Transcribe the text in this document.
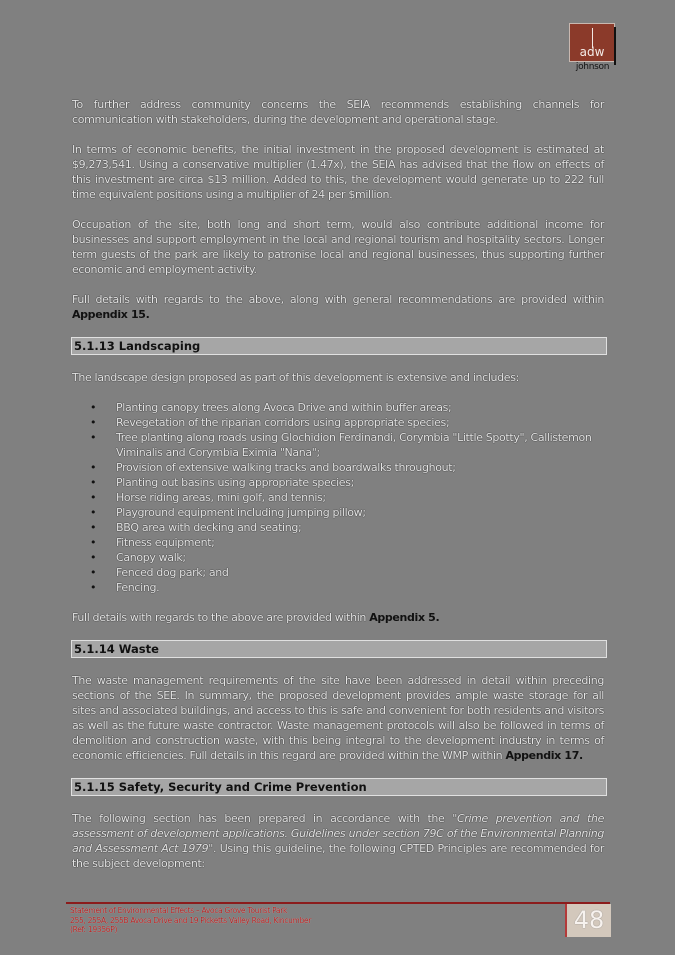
adw
johnson

To further address community concerns the SEIA recommends establishing channels for communication with stakeholders, during the development and operational stage.

In terms of economic benefits, the initial investment in the proposed development is estimated at $9,273,541. Using a conservative multiplier (1.47x), the SEIA has advised that the flow on effects of this investment are circa $13 million. Added to this, the development would generate up to 222 full time equivalent positions using a multiplier of 24 per $million.

Occupation of the site, both long and short term, would also contribute additional income for businesses and support employment in the local and regional tourism and hospitality sectors. Longer term guests of the park are likely to patronise local and regional businesses, thus supporting further economic and employment activity.

Full details with regards to the above, along with general recommendations are provided within Appendix 15.

5.1.13 Landscaping

The landscape design proposed as part of this development is extensive and includes:

• Planting canopy trees along Avoca Drive and within buffer areas;
• Revegetation of the riparian corridors using appropriate species;
• Tree planting along roads using Glochidion Ferdinandi, Corymbia "Little Spotty", Callistemon Viminalis and Corymbia Eximia "Nana";
• Provision of extensive walking tracks and boardwalks throughout;
• Planting out basins using appropriate species;
• Horse riding areas, mini golf, and tennis;
• Playground equipment including jumping pillow;
• BBQ area with decking and seating;
• Fitness equipment;
• Canopy walk;
• Fenced dog park; and
• Fencing.

Full details with regards to the above are provided within Appendix 5.

5.1.14 Waste

The waste management requirements of the site have been addressed in detail within preceding sections of the SEE. In summary, the proposed development provides ample waste storage for all sites and associated buildings, and access to this is safe and convenient for both residents and visitors as well as the future waste contractor. Waste management protocols will also be followed in terms of demolition and construction waste, with this being integral to the development industry in terms of economic efficiencies. Full details in this regard are provided within the WMP within Appendix 17.

5.1.15 Safety, Security and Crime Prevention

The following section has been prepared in accordance with the "Crime prevention and the assessment of development applications. Guidelines under section 79C of the Environmental Planning and Assessment Act 1979". Using this guideline, the following CPTED Principles are recommended for the subject development:

Statement of Environmental Effects – Avoca Grove Tourist Park
255, 255A, 255B Avoca Drive and 19 Picketts Valley Road, Kincumber
(Ref: 19356P)	48
